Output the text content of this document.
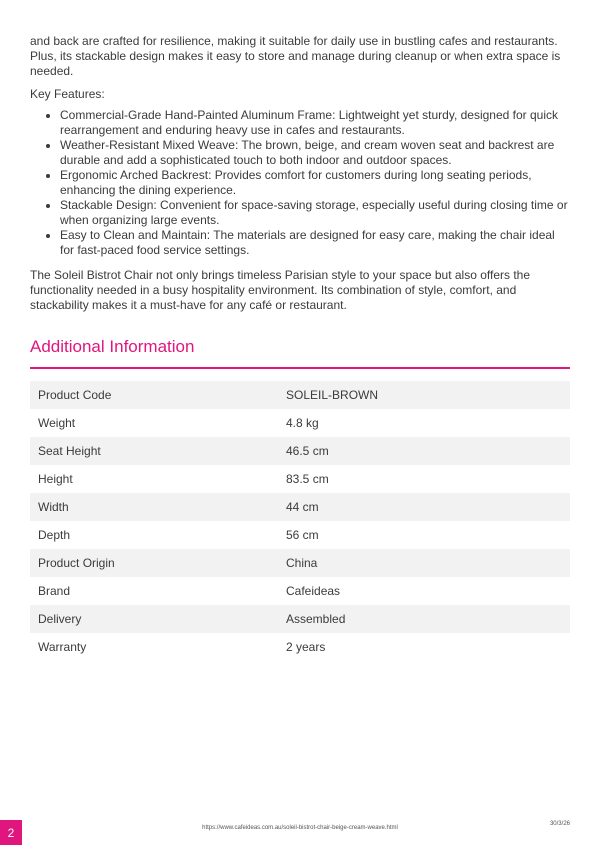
and back are crafted for resilience, making it suitable for daily use in bustling cafes and restaurants. Plus, its stackable design makes it easy to store and manage during cleanup or when extra space is needed.

Key Features:

• Commercial-Grade Hand-Painted Aluminum Frame: Lightweight yet sturdy, designed for quick rearrangement and enduring heavy use in cafes and restaurants.
• Weather-Resistant Mixed Weave: The brown, beige, and cream woven seat and backrest are durable and add a sophisticated touch to both indoor and outdoor spaces.
• Ergonomic Arched Backrest: Provides comfort for customers during long seating periods, enhancing the dining experience.
• Stackable Design: Convenient for space-saving storage, especially useful during closing time or when organizing large events.
• Easy to Clean and Maintain: The materials are designed for easy care, making the chair ideal for fast-paced food service settings.

The Soleil Bistrot Chair not only brings timeless Parisian style to your space but also offers the functionality needed in a busy hospitality environment. Its combination of style, comfort, and stackability makes it a must-have for any café or restaurant.

Additional Information
Product Code	SOLEIL-BROWN
Weight	4.8 kg
Seat Height	46.5 cm
Height	83.5 cm
Width	44 cm
Depth	56 cm
Product Origin	China
Brand	Cafeideas
Delivery	Assembled
Warranty	2 years
2	https://www.cafeideas.com.au/soleil-bistrot-chair-beige-cream-weave.html
30/3/26
